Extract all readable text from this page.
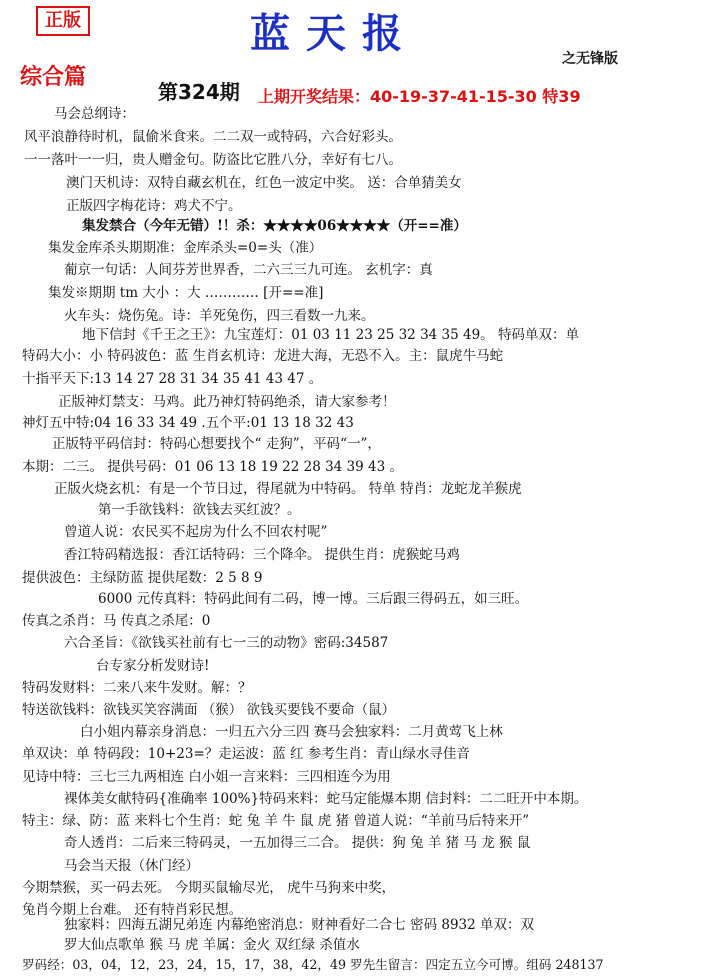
正版	蓝天报
之无锋版
综合篇
第324期 上期开奖结果：40-19-37-41-15-30 特39
马会总纲诗：
风平浪静待时机，鼠偷米食来。二二双一或特码，六合好彩头。
一一落叶一一归，贵人赠金句。防盗比它胜八分，幸好有七八。
澳门天机诗：双特自藏玄机在，红色一波定中奖。 送：合单猜美女
正版四字梅花诗：鸡犬不宁。
集发禁合（今年无错）!！杀：★★★★06★★★★（开==准）
集发金库杀头期期准：金库杀头=0=头（准）
葡京一句话：人间芬芳世界香，二六三三九可连。 玄机字：真
集发※期期 tm 大小 ：大 ………… [开==准]
火车头：烧伤兔。诗：羊死兔伤，四三看数一九来。
地下信封《千王之王》：九宝莲灯：01 03 11 23 25 32 34 35 49。 特码单双：单
特码大小：小 特码波色：蓝 生肖玄机诗：龙进大海，无恐不入。主：鼠虎牛马蛇
十指平天下:13 14 27 28 31 34 35 41 43 47 。
正版神灯禁支：马鸡。此乃神灯特码绝杀，请大家参考！
神灯五中特:04 16 33 34 49 .五个平:01 13 18 32 43
正版特平码信封：特码心想要找个“ 走狗”，平码“一”，
本期：二三。 提供号码：01 06 13 18 19 22 28 34 39 43 。
正版火烧玄机：有是一个节日过，得尾就为中特码。 特单 特肖：龙蛇龙羊猴虎
第一手欲钱料：欲钱去买红波？。
曾道人说：农民买不起房为什么不回农村呢”
香江特码精选报：香江话特码：三个降伞。 提供生肖：虎猴蛇马鸡
提供波色：主绿防蓝 提供尾数：2 5 8 9
6000 元传真料：特码此间有二码，博一博。三后跟三得码五，如三旺。
传真之杀肖：马 传真之杀尾：0
六合圣旨：《欲钱买社前有七一三的动物》密码:34587
台专家分析发财诗!
特码发财料：二来八来牛发财。解：？
特送欲钱料：欲钱买笑容满面 （猴） 欲钱买要钱不要命（鼠）
白小姐内幕亲身消息：一归五六分三四 赛马会独家料：二月黄莺飞上林
单双诀：单 特码段：10+23=？走运波：蓝 红 参考生肖：青山绿水寻佳音
见诗中特：三七三九两相连 白小姐一言来料：三四相连今为用
裸体美女献特码{准确率 100%}特码来料：蛇马定能爆本期 信封料：二二旺开中本期。
特主：绿、防：蓝 来料七个生肖：蛇 兔 羊 牛 鼠 虎 猪 曾道人说：“羊前马后特来开”
奇人透肖：二后来三特码灵，一五加得三二合。 提供：狗 兔 羊 猪 马 龙 猴 鼠
马会当天报（休门经）
今期禁猴，买一码去死。 今期买鼠输尽光， 虎牛马狗来中奖，
兔肖今期上台难。 还有特肖彩民想。
独家料：四海五湖兄弟连 内幕绝密消息：财神看好二合七 密码 8932 单双：双
罗大仙点歌单 猴 马 虎 羊属：金火 双红绿 杀值水
罗码经：03，04，12，23，24，15，17，38，42，49 罗先生留言：四定五立今可博。组码 248137
